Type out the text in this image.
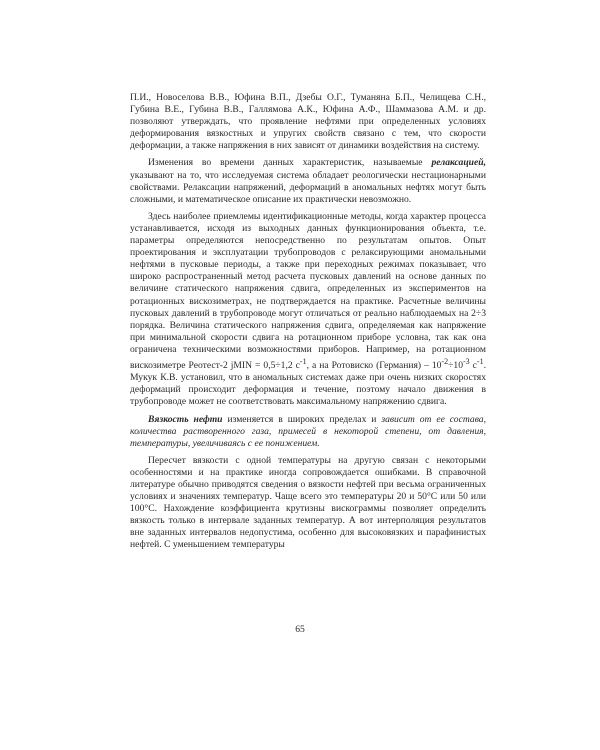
П.И., Новоселова В.В., Юфина В.П., Дзебы О.Г., Туманяна Б.П., Челищева С.Н., Губина В.Е., Губина В.В., Галлямова А.К., Юфина А.Ф., Шаммазова А.М. и др. позволяют утверждать, что проявление нефтями при определенных условиях деформирования вязкостных и упругих свойств связано с тем, что скорости деформации, а также напряжения в них зависят от динамики воздействия на систему.

Изменения во времени данных характеристик, называемые релаксацией, указывают на то, что исследуемая система обладает реологически нестационарными свойствами. Релаксации напряжений, деформаций в аномальных нефтях могут быть сложными, и математическое описание их практически невозможно.

Здесь наиболее приемлемы идентификационные методы, когда характер процесса устанавливается, исходя из выходных данных функционирования объекта, т.е. параметры определяются непосредственно по результатам опытов. Опыт проектирования и эксплуатации трубопроводов с релаксирующими аномальными нефтями в пусковые периоды, а также при переходных режимах показывает, что широко распространенный метод расчета пусковых давлений на основе данных по величине статического напряжения сдвига, определенных из экспериментов на ротационных вискозиметрах, не подтверждается на практике. Расчетные величины пусковых давлений в трубопроводе могут отличаться от реально наблюдаемых на 2÷3 порядка. Величина статического напряжения сдвига, определяемая как напряжение при минимальной скорости сдвига на ротационном приборе условна, так как она ограничена техническими возможностями приборов. Например, на ротационном вискозиметре Реотест-2 jMIN = 0,5÷1,2 $с^{-1}$, а на Ротовиско (Германия) – $10^{-2}\div 10^{-3}$ $с^{-1}$. Мукук К.В. установил, что в аномальных системах даже при очень низких скоростях деформаций происходит деформация и течение, поэтому начало движения в трубопроводе может не соответствовать максимальному напряжению сдвига.

Вязкость нефти изменяется в широких пределах и зависит от ее состава, количества растворенного газа, примесей в некоторой степени, от давления, температуры, увеличиваясь с ее понижением.

Пересчет вязкости с одной температуры на другую связан с некоторыми особенностями и на практике иногда сопровождается ошибками. В справочной литературе обычно приводятся сведения о вязкости нефтей при весьма ограниченных условиях и значениях температур. Чаще всего это температуры 20 и 50°С или 50 или 100°С. Нахождение коэффициента крутизны вискограммы позволяет определить вязкость только в интервале заданных температур. А вот интерполяция результатов вне заданных интервалов недопустима, особенно для высоковязких и парафинистых нефтей. С уменьшением температуры

65
